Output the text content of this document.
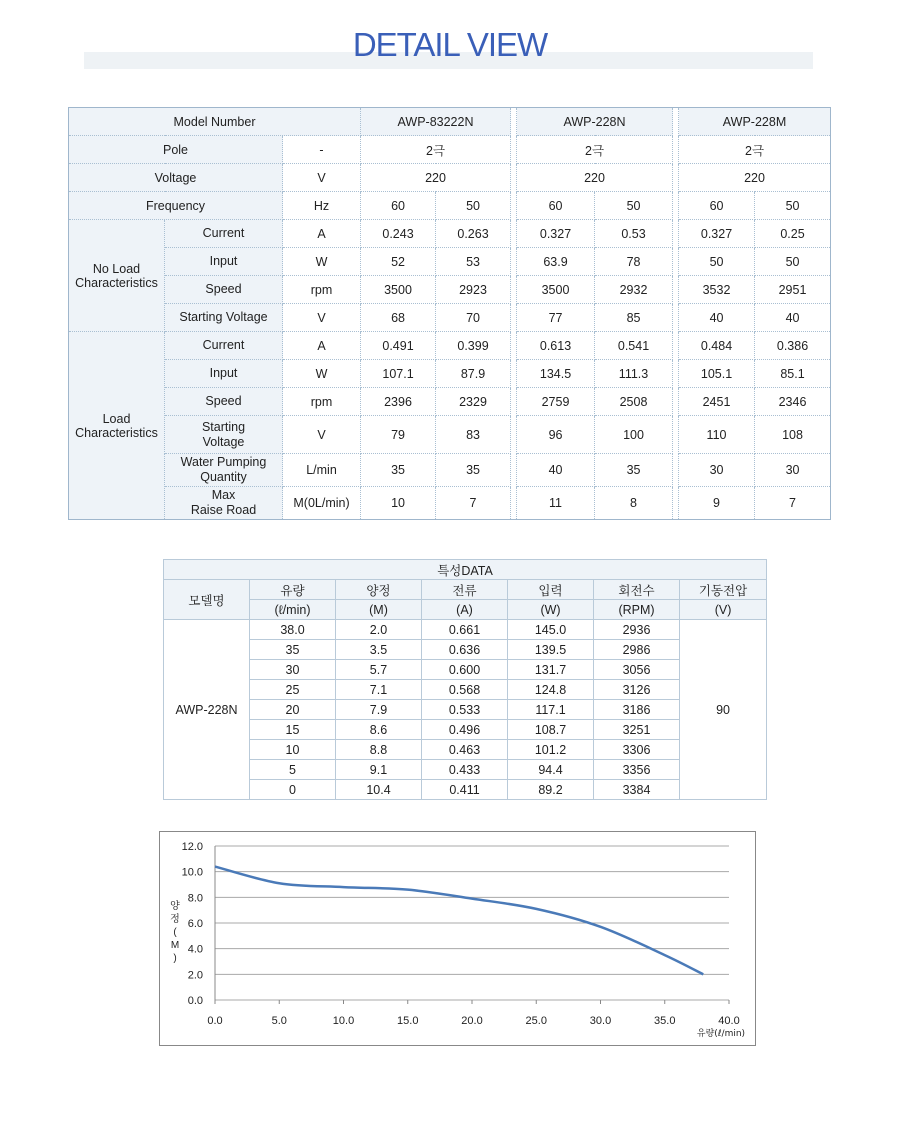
DETAIL VIEW
Model Number			AWP-83222N			AWP-228N			AWP-228M	
Pole		-	2극			2극			2극	
Voltage		V	220			220			220	
Frequency		Hz	60	50		60	50		60	50
No Load
Characteristics	Current	A	0.243	0.263		0.327	0.53		0.327	0.25
	Input	W	52	53		63.9	78		50	50
	Speed	rpm	3500	2923		3500	2932		3532	2951
	Starting Voltage	V	68	70		77	85		40	40
Load
Characteristics	Current	A	0.491	0.399		0.613	0.541		0.484	0.386
	Input	W	107.1	87.9		134.5	111.3		105.1	85.1
	Speed	rpm	2396	2329		2759	2508		2451	2346
	Starting
Voltage	V	79	83		96	100		110	108
	Water Pumping
Quantity	L/min	35	35		40	35		30	30
	Max
Raise Road	M(0L/min)	10	7		11	8		9	7
특성DATA						
모델명	유량	양정	전류	입력	회전수	기동전압
	(ℓ/min)	(M)	(A)	(W)	(RPM)	(V)
AWP-228N	38.0	2.0	0.661	145.0	2936	90
	35	3.5	0.636	139.5	2986	
	30	5.7	0.600	131.7	3056	
	25	7.1	0.568	124.8	3126	
	20	7.9	0.533	117.1	3186	
	15	8.6	0.496	108.7	3251	
	10	8.8	0.463	101.2	3306	
	5	9.1	0.433	94.4	3356	
	0	10.4	0.411	89.2	3384	
0.0
2.0
4.0
6.0
8.0
10.0
12.0
0.0	5.0	10.0	15.0	20.0	25.0	30.0	35.0	40.0
유량(ℓ/min)
양
정
(
M
)
